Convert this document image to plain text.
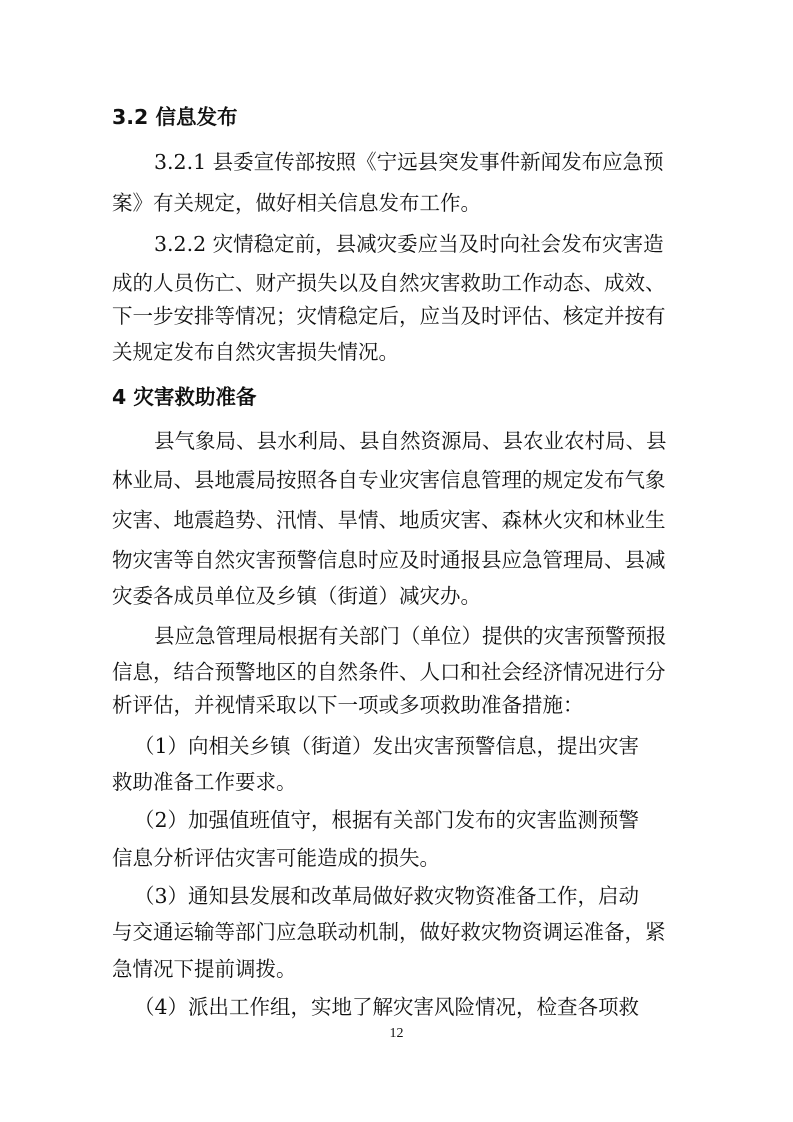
3.2 信息发布
3.2.1 县委宣传部按照《宁远县突发事件新闻发布应急预
案》有关规定，做好相关信息发布工作。
3.2.2 灾情稳定前，县减灾委应当及时向社会发布灾害造
成的人员伤亡、财产损失以及自然灾害救助工作动态、成效、
下一步安排等情况；灾情稳定后，应当及时评估、核定并按有
关规定发布自然灾害损失情况。
4 灾害救助准备
县气象局、县水利局、县自然资源局、县农业农村局、县
林业局、县地震局按照各自专业灾害信息管理的规定发布气象
灾害、地震趋势、汛情、旱情、地质灾害、森林火灾和林业生
物灾害等自然灾害预警信息时应及时通报县应急管理局、县减
灾委各成员单位及乡镇（街道）减灾办。
县应急管理局根据有关部门（单位）提供的灾害预警预报
信息，结合预警地区的自然条件、人口和社会经济情况进行分
析评估，并视情采取以下一项或多项救助准备措施：
（1）向相关乡镇（街道）发出灾害预警信息，提出灾害
救助准备工作要求。
（2）加强值班值守，根据有关部门发布的灾害监测预警
信息分析评估灾害可能造成的损失。
（3）通知县发展和改革局做好救灾物资准备工作，启动
与交通运输等部门应急联动机制，做好救灾物资调运准备，紧
急情况下提前调拨。
（4）派出工作组，实地了解灾害风险情况，检查各项救
12
